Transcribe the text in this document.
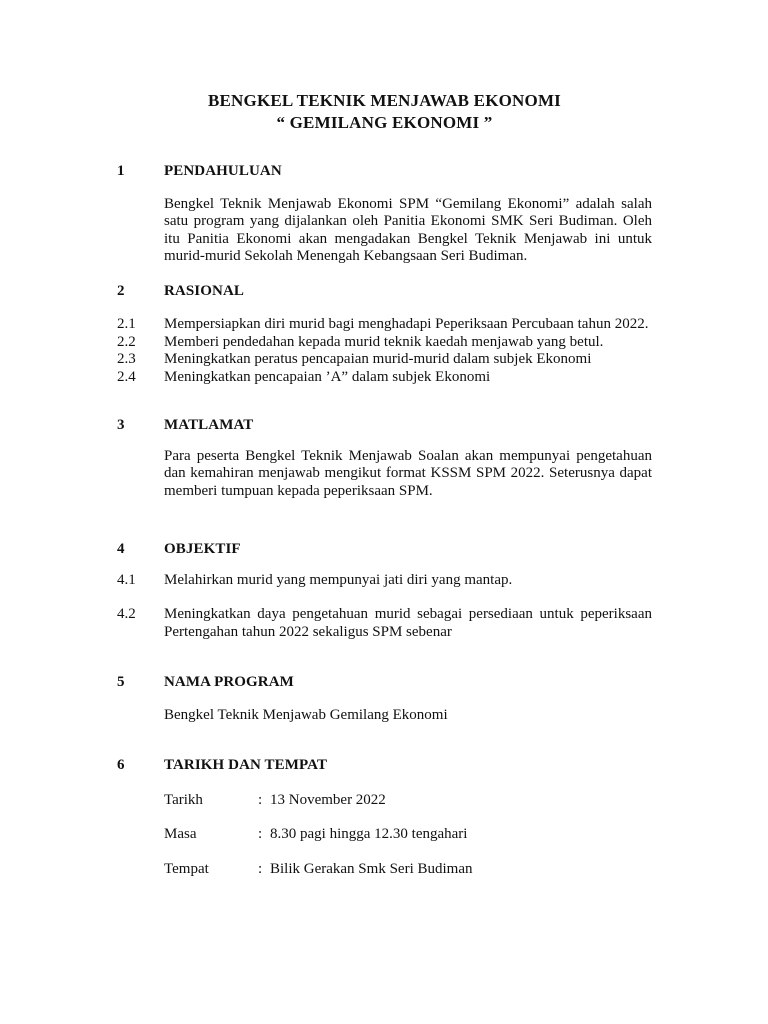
BENGKEL TEKNIK MENJAWAB EKONOMI
“ GEMILANG EKONOMI ”
1	PENDAHULUAN

Bengkel Teknik Menjawab Ekonomi SPM “Gemilang Ekonomi” adalah salah satu program yang dijalankan oleh Panitia Ekonomi SMK Seri Budiman. Oleh itu Panitia Ekonomi akan mengadakan Bengkel Teknik Menjawab ini untuk murid-murid Sekolah Menengah Kebangsaan Seri Budiman.

2	RASIONAL
2.1	Mempersiapkan diri murid bagi menghadapi Peperiksaan Percubaan tahun 2022.

2.2	Memberi pendedahan kepada murid teknik kaedah menjawab yang betul.

2.3	Meningkatkan peratus pencapaian murid-murid dalam subjek Ekonomi

2.4	Meningkatkan pencapaian ’A” dalam subjek Ekonomi

3	MATLAMAT

Para peserta Bengkel Teknik Menjawab Soalan akan mempunyai pengetahuan dan kemahiran menjawab mengikut format KSSM SPM 2022. Seterusnya dapat memberi tumpuan kepada peperiksaan SPM.

4	OBJEKTIF
4.1	Melahirkan murid yang mempunyai jati diri yang mantap.

4.2	Meningkatkan daya pengetahuan murid sebagai persediaan untuk peperiksaan Pertengahan tahun 2022 sekaligus SPM sebenar

5	NAMA PROGRAM

Bengkel Teknik Menjawab Gemilang Ekonomi

6	TARIKH DAN TEMPAT
Tarikh	: 13 November 2022
Masa	: 8.30 pagi hingga 12.30 tengahari
Tempat	: Bilik Gerakan Smk Seri Budiman
